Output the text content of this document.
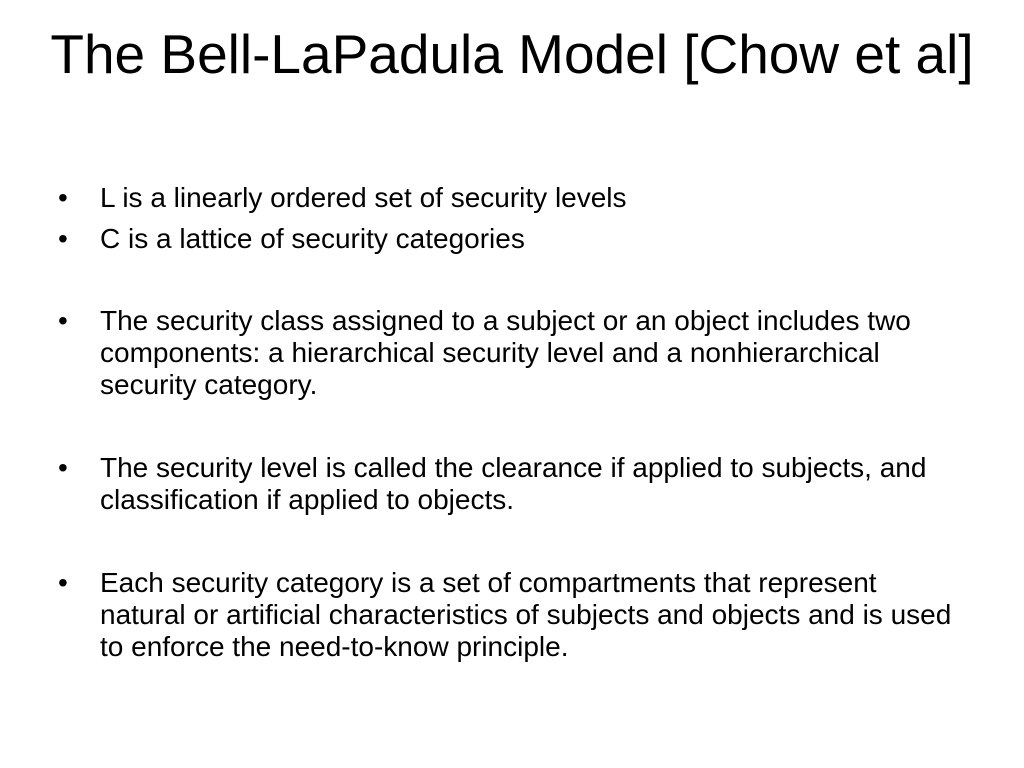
The Bell-LaPadula Model [Chow et al]
•	L is a linearly ordered set of security levels
•	C is a lattice of security categories
•	The security class assigned to a subject or an object includes two components: a hierarchical security level and a nonhierarchical security category.
•	The security level is called the clearance if applied to subjects, and classification if applied to objects.
•	Each security category is a set of compartments that represent natural or artificial characteristics of subjects and objects and is used to enforce the need-to-know principle.
